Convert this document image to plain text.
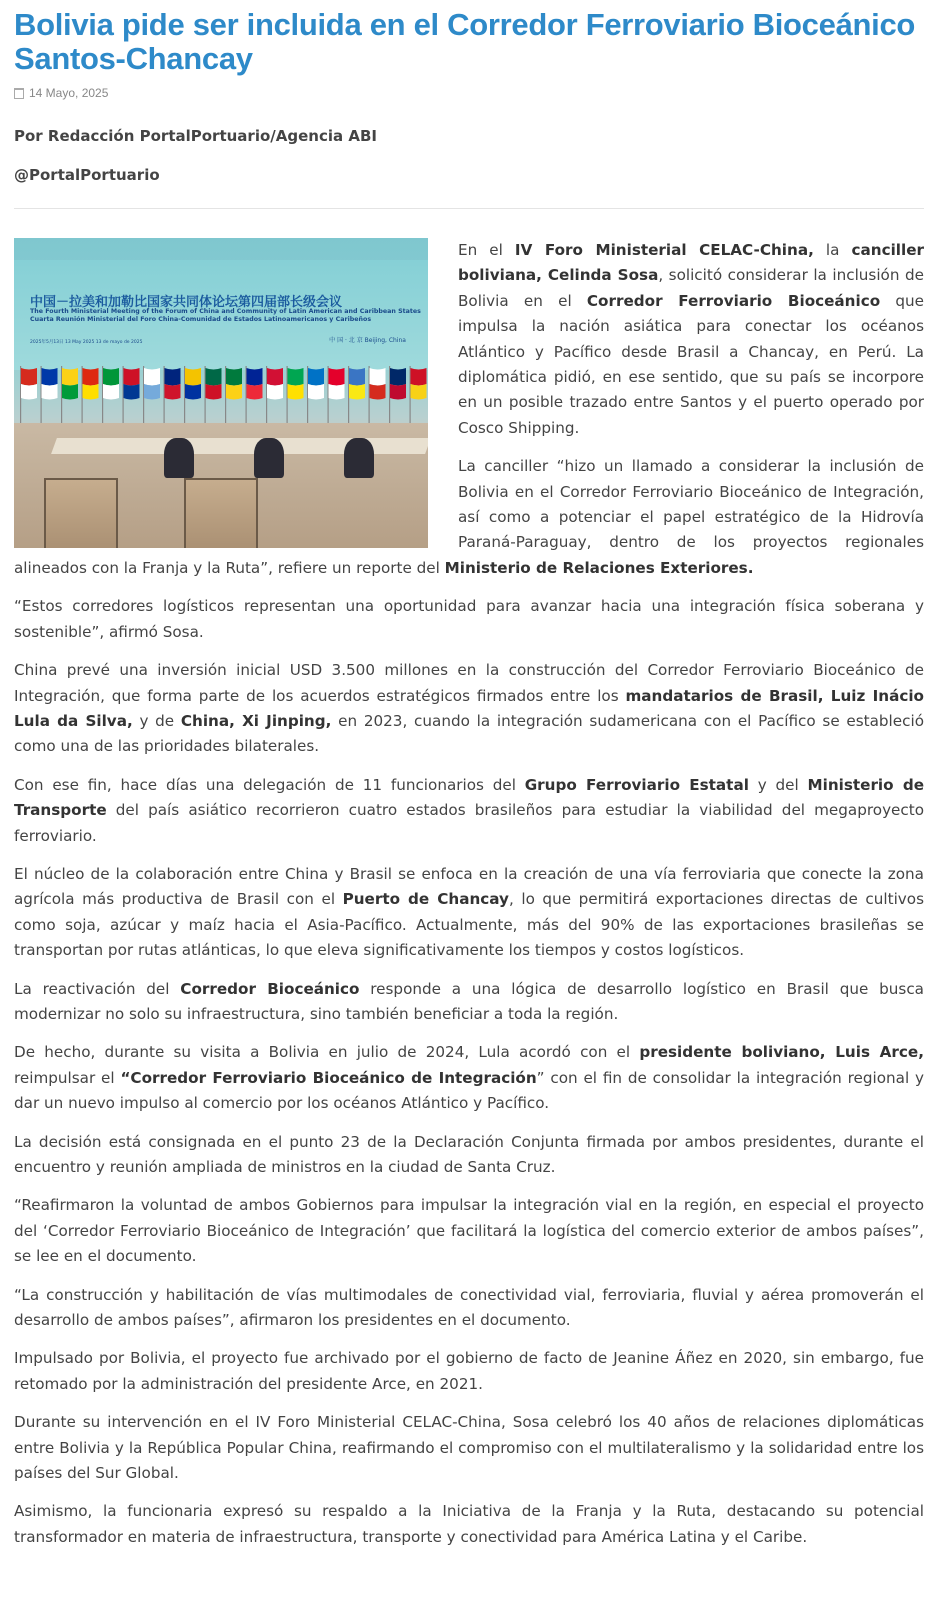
Bolivia pide ser incluida en el Corredor Ferroviario Bioceánico Santos-Chancay
14 Mayo, 2025
Por Redacción PortalPortuario/Agencia ABI
@PortalPortuario
中国－拉美和加勒比国家共同体论坛第四届部长级会议
The Fourth Ministerial Meeting of the Forum of China and Community of Latin American and Caribbean States
Cuarta Reunión Ministerial del Foro China-Comunidad de Estados Latinoamericanos y Caribeños
2025年5月13日 13 May 2025 13 de mayo de 2025	中 国 · 北 京 Beijing, China

En el IV Foro Ministerial CELAC-China, la canciller boliviana, Celinda Sosa, solicitó considerar la inclusión de Bolivia en el Corredor Ferroviario Bioceánico que impulsa la nación asiática para conectar los océanos Atlántico y Pacífico desde Brasil a Chancay, en Perú. La diplomática pidió, en ese sentido, que su país se incorpore en un posible trazado entre Santos y el puerto operado por Cosco Shipping.

La canciller “hizo un llamado a considerar la inclusión de Bolivia en el Corredor Ferroviario Bioceánico de Integración, así como a potenciar el papel estratégico de la Hidrovía Paraná-Paraguay, dentro de los proyectos regionales alineados con la Franja y la Ruta”, refiere un reporte del Ministerio de Relaciones Exteriores.

“Estos corredores logísticos representan una oportunidad para avanzar hacia una integración física soberana y sostenible”, afirmó Sosa.

China prevé una inversión inicial USD 3.500 millones en la construcción del Corredor Ferroviario Bioceánico de Integración, que forma parte de los acuerdos estratégicos firmados entre los mandatarios de Brasil, Luiz Inácio Lula da Silva, y de China, Xi Jinping, en 2023, cuando la integración sudamericana con el Pacífico se estableció como una de las prioridades bilaterales.

Con ese fin, hace días una delegación de 11 funcionarios del Grupo Ferroviario Estatal y del Ministerio de Transporte del país asiático recorrieron cuatro estados brasileños para estudiar la viabilidad del megaproyecto ferroviario.

El núcleo de la colaboración entre China y Brasil se enfoca en la creación de una vía ferroviaria que conecte la zona agrícola más productiva de Brasil con el Puerto de Chancay, lo que permitirá exportaciones directas de cultivos como soja, azúcar y maíz hacia el Asia-Pacífico. Actualmente, más del 90% de las exportaciones brasileñas se transportan por rutas atlánticas, lo que eleva significativamente los tiempos y costos logísticos.

La reactivación del Corredor Bioceánico responde a una lógica de desarrollo logístico en Brasil que busca modernizar no solo su infraestructura, sino también beneficiar a toda la región.

De hecho, durante su visita a Bolivia en julio de 2024, Lula acordó con el presidente boliviano, Luis Arce, reimpulsar el “Corredor Ferroviario Bioceánico de Integración” con el fin de consolidar la integración regional y dar un nuevo impulso al comercio por los océanos Atlántico y Pacífico.

La decisión está consignada en el punto 23 de la Declaración Conjunta firmada por ambos presidentes, durante el encuentro y reunión ampliada de ministros en la ciudad de Santa Cruz.

“Reafirmaron la voluntad de ambos Gobiernos para impulsar la integración vial en la región, en especial el proyecto del ‘Corredor Ferroviario Bioceánico de Integración’ que facilitará la logística del comercio exterior de ambos países”, se lee en el documento.

“La construcción y habilitación de vías multimodales de conectividad vial, ferroviaria, fluvial y aérea promoverán el desarrollo de ambos países”, afirmaron los presidentes en el documento.

Impulsado por Bolivia, el proyecto fue archivado por el gobierno de facto de Jeanine Áñez en 2020, sin embargo, fue retomado por la administración del presidente Arce, en 2021.

Durante su intervención en el IV Foro Ministerial CELAC-China, Sosa celebró los 40 años de relaciones diplomáticas entre Bolivia y la República Popular China, reafirmando el compromiso con el multilateralismo y la solidaridad entre los países del Sur Global.

Asimismo, la funcionaria expresó su respaldo a la Iniciativa de la Franja y la Ruta, destacando su potencial transformador en materia de infraestructura, transporte y conectividad para América Latina y el Caribe.
